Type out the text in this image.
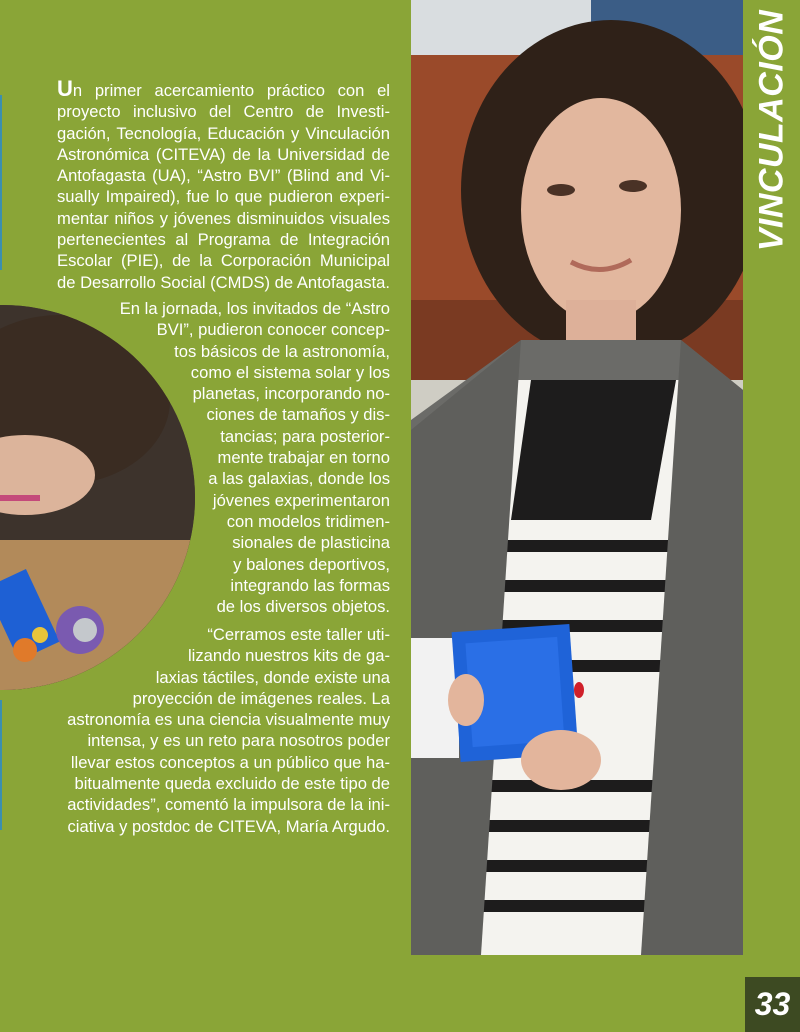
Un primer acercamiento práctico con el
proyecto inclusivo del Centro de Investi-
gación, Tecnología, Educación y Vinculación
Astronómica (CITEVA) de la Universidad de
Antofagasta (UA), “Astro BVI” (Blind and Vi-
sually Impaired), fue lo que pudieron experi-
mentar niños y jóvenes disminuidos visuales
pertenecientes al Programa de Integración
Escolar (PIE), de la Corporación Municipal
de Desarrollo Social (CMDS) de Antofagasta.
En la jornada, los invitados de “Astro
BVI”, pudieron conocer concep-
tos básicos de la astronomía,
como el sistema solar y los
planetas, incorporando no-
ciones de tamaños y dis-
tancias; para posterior-
mente trabajar en torno
a las galaxias, donde los
jóvenes experimentaron
con modelos tridimen-
sionales de plasticina
y balones deportivos,
integrando las formas
de los diversos objetos.
“Cerramos este taller uti-
lizando nuestros kits de ga-
laxias táctiles, donde existe una
proyección de imágenes reales. La
astronomía es una ciencia visualmente muy
intensa, y es un reto para nosotros poder
llevar estos conceptos a un público que ha-
bitualmente queda excluido de este tipo de
actividades”, comentó la impulsora de la ini-
ciativa y postdoc de CITEVA, María Argudo.
VINCULACIÓN
33
